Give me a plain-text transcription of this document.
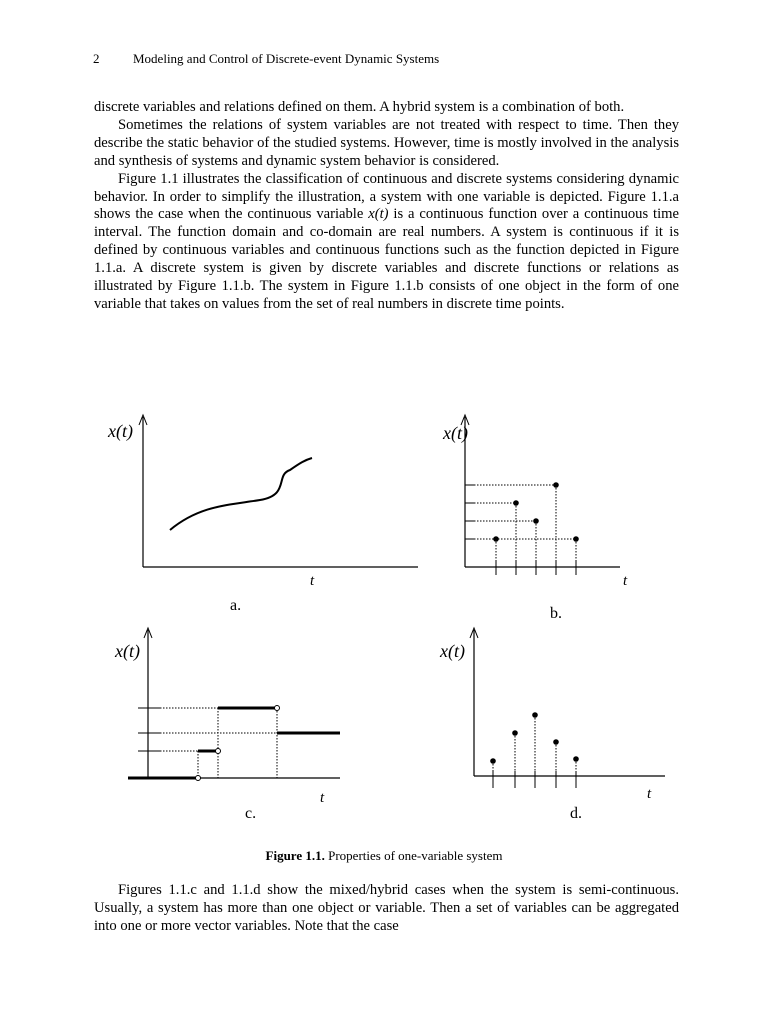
2	Modeling and Control of Discrete-event Dynamic Systems

discrete variables and relations defined on them. A hybrid system is a combination of both.

Sometimes the relations of system variables are not treated with respect to time. Then they describe the static behavior of the studied systems. However, time is mostly involved in the analysis and synthesis of systems and dynamic system behavior is considered.

Figure 1.1 illustrates the classification of continuous and discrete systems considering dynamic behavior. In order to simplify the illustration, a system with one variable is depicted. Figure 1.1.a shows the case when the continuous variable x(t) is a continuous function over a continuous time interval. The function domain and co-domain are real numbers. A system is continuous if it is defined by continuous variables and continuous functions such as the function depicted in Figure 1.1.a. A discrete system is given by discrete variables and discrete functions or relations as illustrated by Figure 1.1.b. The system in Figure 1.1.b consists of one object in the form of one variable that takes on values from the set of real numbers in discrete time points.

x(t)
t
a.
x(t)
t
b.
x(t)
t
c.
x(t)
t
d.
Figure 1.1. Properties of one-variable system

Figures 1.1.c and 1.1.d show the mixed/hybrid cases when the system is semi-continuous. Usually, a system has more than one object or variable. Then a set of variables can be aggregated into one or more vector variables. Note that the case
